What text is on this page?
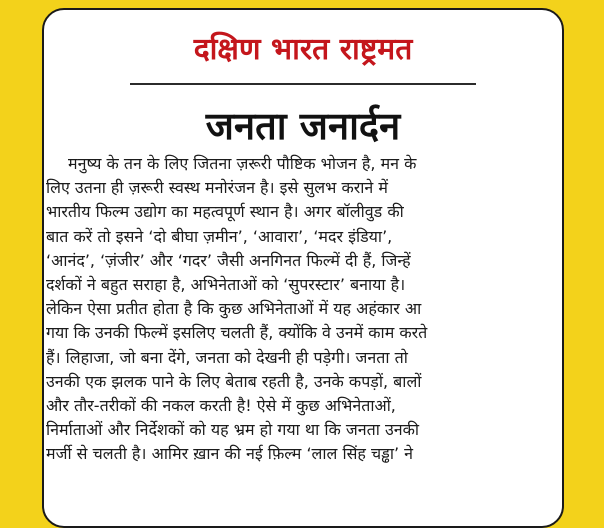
दक्षिण भारत राष्ट्रमत
जनता जनार्दन
मनुष्य के तन के लिए जितना ज़रूरी पौष्टिक भोजन है, मन के
लिए उतना ही ज़रूरी स्वस्थ मनोरंजन है। इसे सुलभ कराने में
भारतीय फिल्म उद्योग का महत्वपूर्ण स्थान है। अगर बॉलीवुड की
बात करें तो इसने ‘दो बीघा ज़मीन’, ‘आवारा’, ‘मदर इंडिया’,
‘आनंद’, ‘ज़ंजीर’ और ‘गदर’ जैसी अनगिनत फिल्में दी हैं, जिन्हें
दर्शकों ने बहुत सराहा है, अभिनेताओं को ‘सुपरस्टार’ बनाया है।
लेकिन ऐसा प्रतीत होता है कि कुछ अभिनेताओं में यह अहंकार आ
गया कि उनकी फिल्में इसलिए चलती हैं, क्योंकि वे उनमें काम करते
हैं। लिहाजा, जो बना देंगे, जनता को देखनी ही पड़ेगी। जनता तो
उनकी एक झलक पाने के लिए बेताब रहती है, उनके कपड़ों, बालों
और तौर-तरीकों की नकल करती है! ऐसे में कुछ अभिनेताओं,
निर्माताओं और निर्देशकों को यह भ्रम हो गया था कि जनता उनकी
मर्जी से चलती है। आमिर ख़ान की नई फ़िल्म ‘लाल सिंह चड्ढा’ ने
